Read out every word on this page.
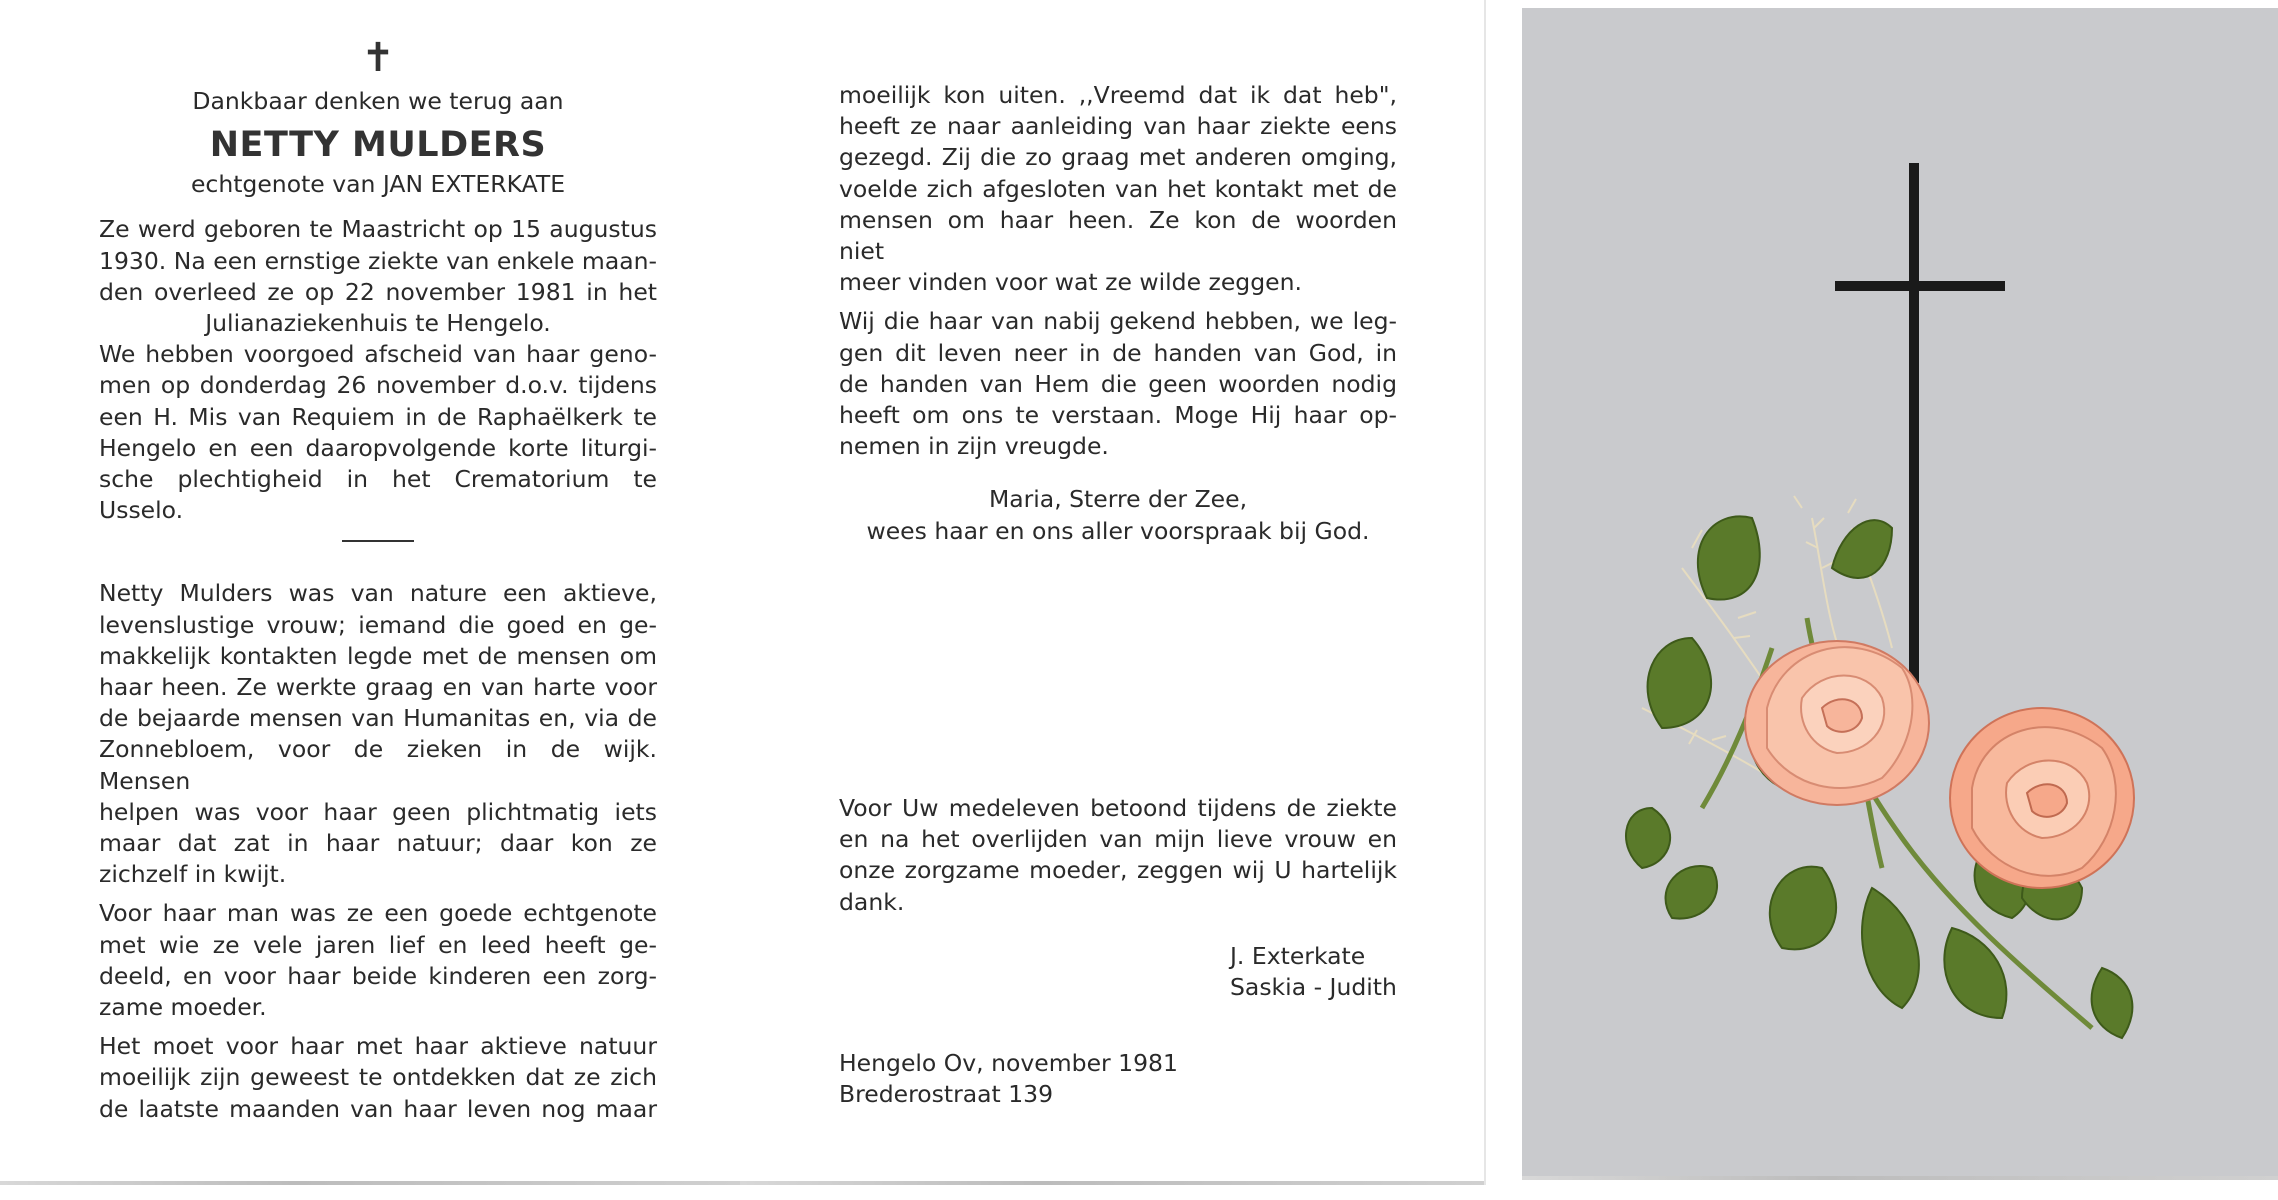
✝
Dankbaar denken we terug aan
NETTY MULDERS
echtgenote van JAN EXTERKATE
Ze werd geboren te Maastricht op 15 augustus
1930. Na een ernstige ziekte van enkele maan-
den overleed ze op 22 november 1981 in het
Julianaziekenhuis te Hengelo.
We hebben voorgoed afscheid van haar geno-
men op donderdag 26 november d.o.v. tijdens
een H. Mis van Requiem in de Raphaëlkerk te
Hengelo en een daaropvolgende korte liturgi-
sche plechtigheid in het Crematorium te Usselo.
Netty Mulders was van nature een aktieve,
levenslustige vrouw; iemand die goed en ge-
makkelijk kontakten legde met de mensen om
haar heen. Ze werkte graag en van harte voor
de bejaarde mensen van Humanitas en, via de
Zonnebloem, voor de zieken in de wijk. Mensen
helpen was voor haar geen plichtmatig iets
maar dat zat in haar natuur; daar kon ze
zichzelf in kwijt.
Voor haar man was ze een goede echtgenote
met wie ze vele jaren lief en leed heeft ge-
deeld, en voor haar beide kinderen een zorg-
zame moeder.
Het moet voor haar met haar aktieve natuur
moeilijk zijn geweest te ontdekken dat ze zich
de laatste maanden van haar leven nog maar
moeilijk kon uiten. ,,Vreemd dat ik dat heb",
heeft ze naar aanleiding van haar ziekte eens
gezegd. Zij die zo graag met anderen omging,
voelde zich afgesloten van het kontakt met de
mensen om haar heen. Ze kon de woorden niet
meer vinden voor wat ze wilde zeggen.
Wij die haar van nabij gekend hebben, we leg-
gen dit leven neer in de handen van God, in
de handen van Hem die geen woorden nodig
heeft om ons te verstaan. Moge Hij haar op-
nemen in zijn vreugde.
Maria, Sterre der Zee,
wees haar en ons aller voorspraak bij God.
Voor Uw medeleven betoond tijdens de ziekte
en na het overlijden van mijn lieve vrouw en
onze zorgzame moeder, zeggen wij U hartelijk
dank.
J. Exterkate
Saskia - Judith
Hengelo Ov, november 1981
Brederostraat 139
